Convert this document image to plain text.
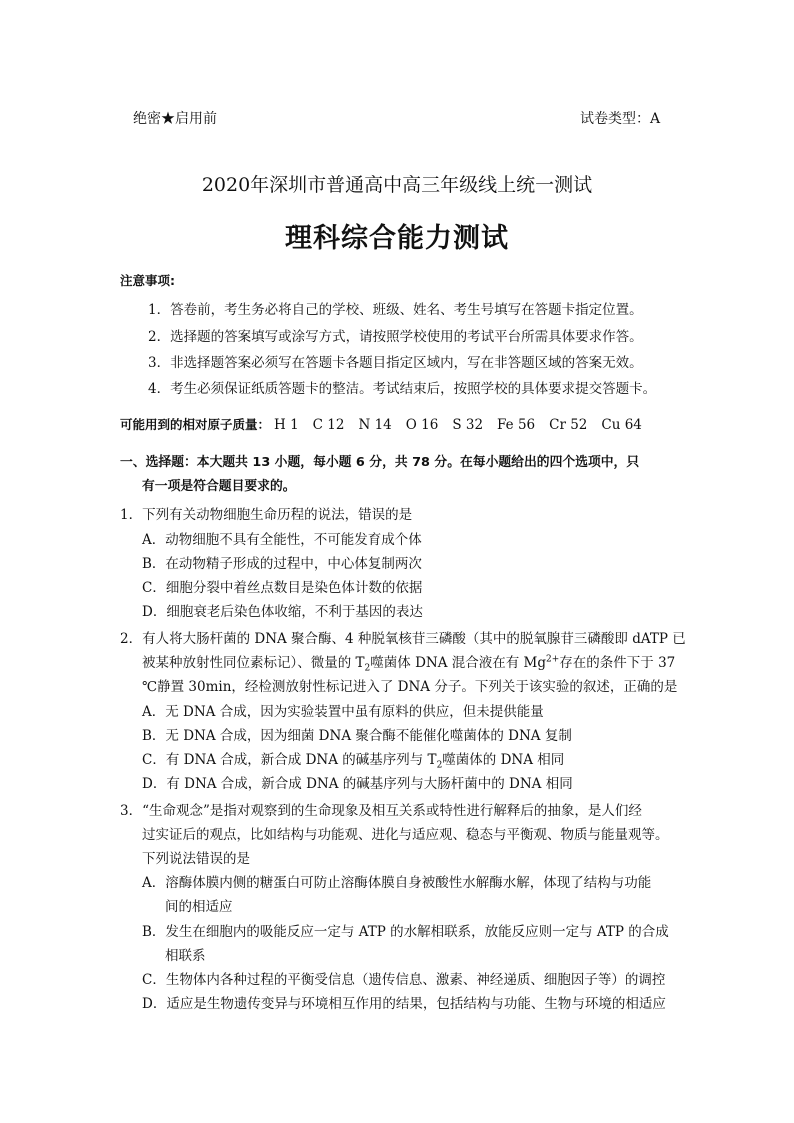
绝密★启用前	试卷类型：A
2020年深圳市普通高中高三年级线上统一测试
理科综合能力测试
注意事项:
1．答卷前，考生务必将自己的学校、班级、姓名、考生号填写在答题卡指定位置。
2．选择题的答案填写或涂写方式，请按照学校使用的考试平台所需具体要求作答。
3．非选择题答案必须写在答题卡各题目指定区域内，写在非答题区域的答案无效。
4．考生必须保证纸质答题卡的整洁。考试结束后，按照学校的具体要求提交答题卡。
可能用到的相对原子质量： H 1 C 12 N 14 O 16 S 32 Fe 56 Cr 52 Cu 64
一、选择题：本大题共 13 小题，每小题 6 分，共 78 分。在每小题给出的四个选项中，只
有一项是符合题目要求的。
1．下列有关动物细胞生命历程的说法，错误的是
A．动物细胞不具有全能性，不可能发育成个体
B．在动物精子形成的过程中，中心体复制两次
C．细胞分裂中着丝点数目是染色体计数的依据
D．细胞衰老后染色体收缩，不利于基因的表达
2．有人将大肠杆菌的 DNA 聚合酶、4 种脱氧核苷三磷酸（其中的脱氧腺苷三磷酸即 dATP 已
被某种放射性同位素标记）、微量的 $T_2$噬菌体 DNA 混合液在有 $Mg^{2+}$存在的条件下于 37
℃静置 30min，经检测放射性标记进入了 DNA 分子。下列关于该实验的叙述，正确的是
A．无 DNA 合成，因为实验装置中虽有原料的供应，但未提供能量
B．无 DNA 合成，因为细菌 DNA 聚合酶不能催化噬菌体的 DNA 复制
C．有 DNA 合成，新合成 DNA 的碱基序列与 $T_2$噬菌体的 DNA 相同
D．有 DNA 合成，新合成 DNA 的碱基序列与大肠杆菌中的 DNA 相同
3．“生命观念”是指对观察到的生命现象及相互关系或特性进行解释后的抽象，是人们经
过实证后的观点，比如结构与功能观、进化与适应观、稳态与平衡观、物质与能量观等。
下列说法错误的是
A．溶酶体膜内侧的糖蛋白可防止溶酶体膜自身被酸性水解酶水解，体现了结构与功能
间的相适应
B．发生在细胞内的吸能反应一定与 ATP 的水解相联系，放能反应则一定与 ATP 的合成
相联系
C．生物体内各种过程的平衡受信息（遗传信息、激素、神经递质、细胞因子等）的调控
D．适应是生物遗传变异与环境相互作用的结果，包括结构与功能、生物与环境的相适应
